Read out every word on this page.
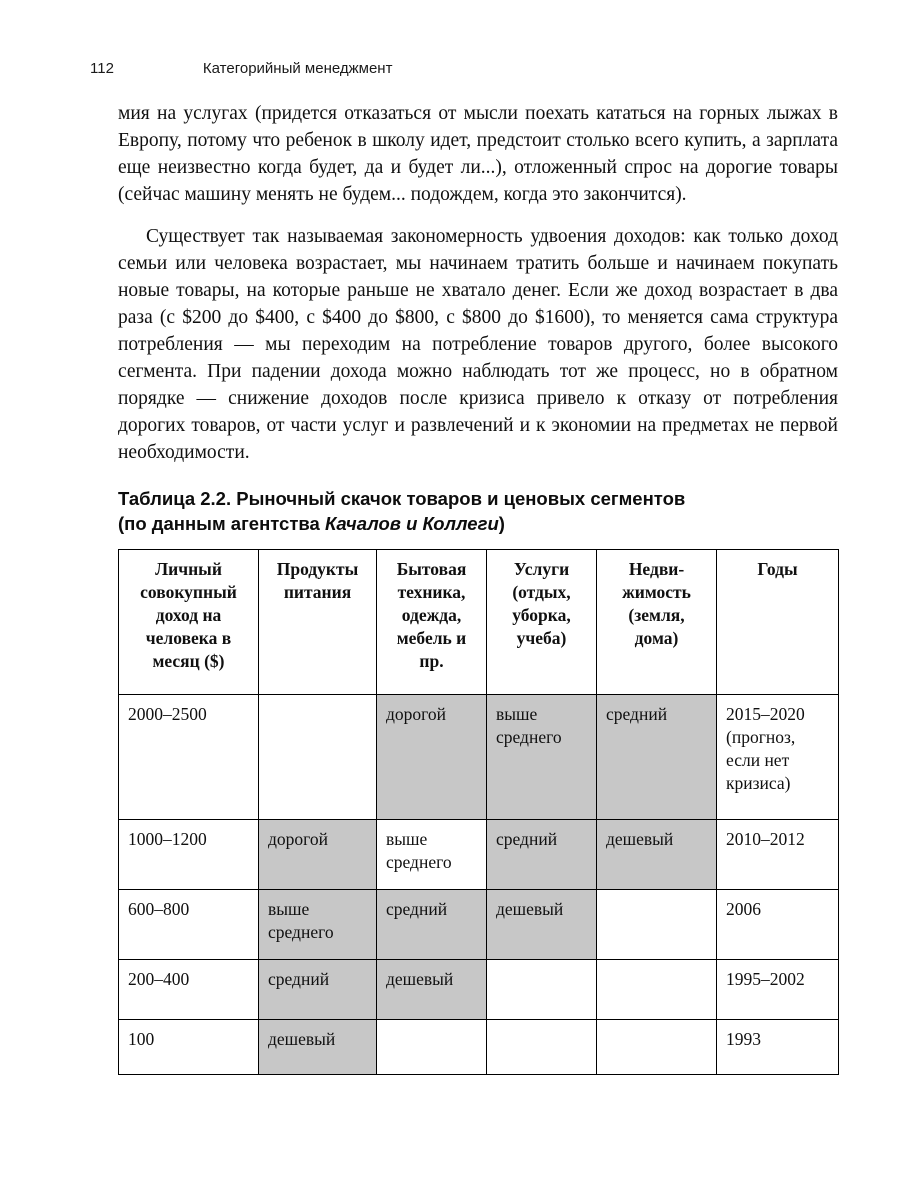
112	Категорийный менеджмент

мия на услугах (придется отказаться от мысли поехать кататься на горных лыжах в Европу, потому что ребенок в школу идет, предстоит столько всего купить, а зарплата еще неизвестно когда будет, да и будет ли...), отложенный спрос на дорогие товары (сейчас машину менять не будем... подождем, когда это закончится).

Существует так называемая закономерность удвоения доходов: как только доход семьи или человека возрастает, мы начинаем тратить больше и начинаем покупать новые товары, на которые раньше не хватало денег. Если же доход возрастает в два раза (с $200 до $400, с $400 до $800, с $800 до $1600), то меняется сама структура потребления — мы переходим на потребление товаров другого, более высокого сегмента. При падении дохода можно наблюдать тот же процесс, но в обратном порядке — снижение доходов после кризиса привело к отказу от потребления дорогих товаров, от части услуг и развлечений и к экономии на предметах не первой необходимости.

Таблица 2.2. Рыночный скачок товаров и ценовых сегментов
(по данным агентства Качалов и Коллеги)
Личный совокупный доход на человека в месяц ($)	Продукты питания	Бытовая техника, одежда, мебель и пр.	Услуги (отдых, уборка, учеба)	Недвижимость (земля, дома)	Годы
2000–2500		дорогой	выше среднего	средний	2015–2020 (прогноз, если нет кризиса)
1000–1200	дорогой	выше среднего	средний	дешевый	2010–2012
600–800	выше среднего	средний	дешевый		2006
200–400	средний	дешевый			1995–2002
100	дешевый				1993
